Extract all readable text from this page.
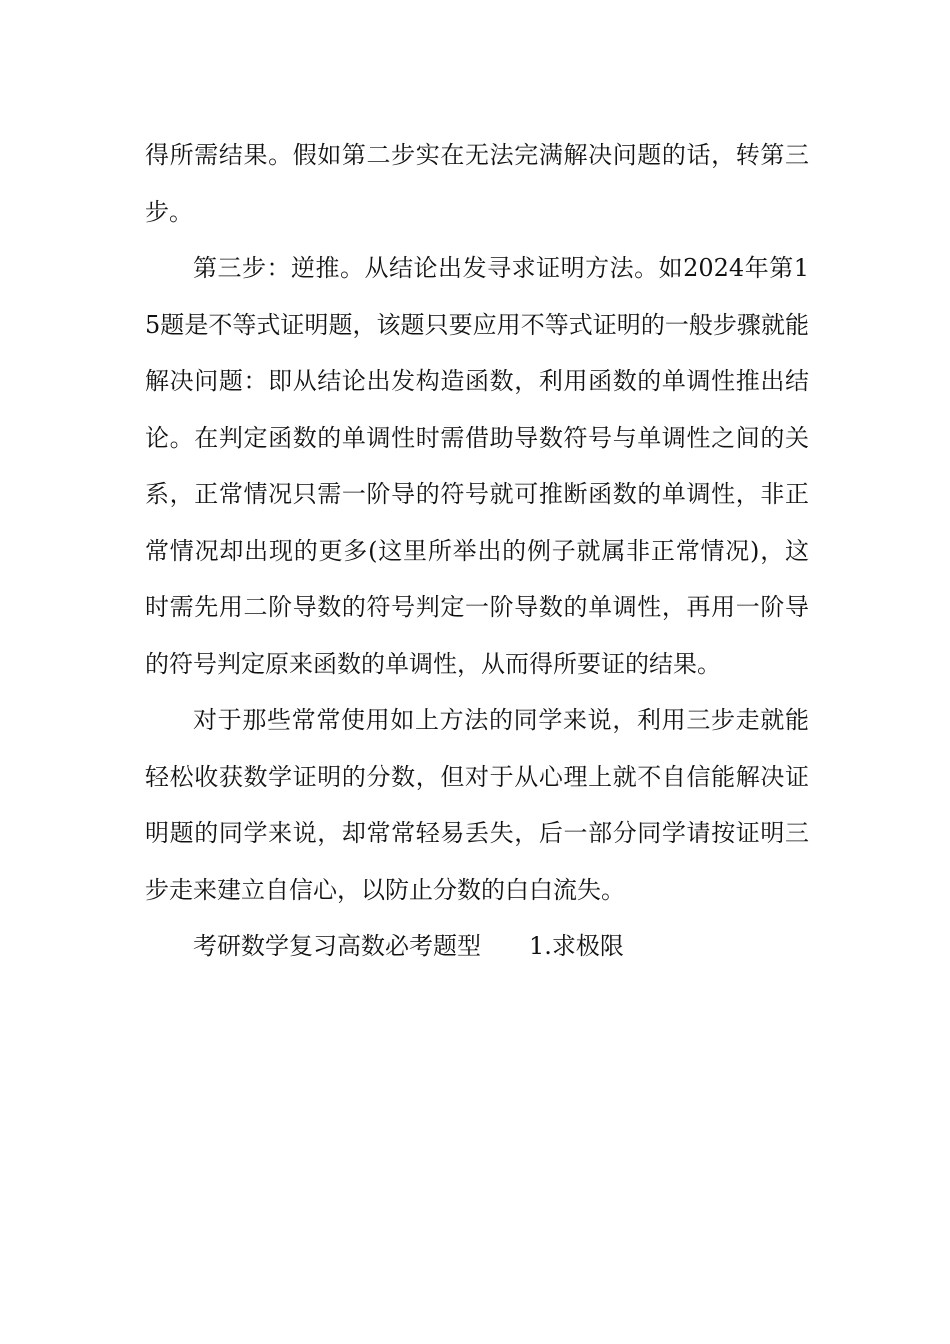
得所需结果。假如第二步实在无法完满解决问题的话，转第三步。

第三步：逆推。从结论出发寻求证明方法。如2024年第15题是不等式证明题，该题只要应用不等式证明的一般步骤就能解决问题：即从结论出发构造函数，利用函数的单调性推出结论。在判定函数的单调性时需借助导数符号与单调性之间的关系，正常情况只需一阶导的符号就可推断函数的单调性，非正常情况却出现的更多(这里所举出的例子就属非正常情况)，这时需先用二阶导数的符号判定一阶导数的单调性，再用一阶导的符号判定原来函数的单调性，从而得所要证的结果。

对于那些常常使用如上方法的同学来说，利用三步走就能轻松收获数学证明的分数，但对于从心理上就不自信能解决证明题的同学来说，却常常轻易丢失，后一部分同学请按证明三步走来建立自信心，以防止分数的白白流失。

考研数学复习高数必考题型 1.求极限
